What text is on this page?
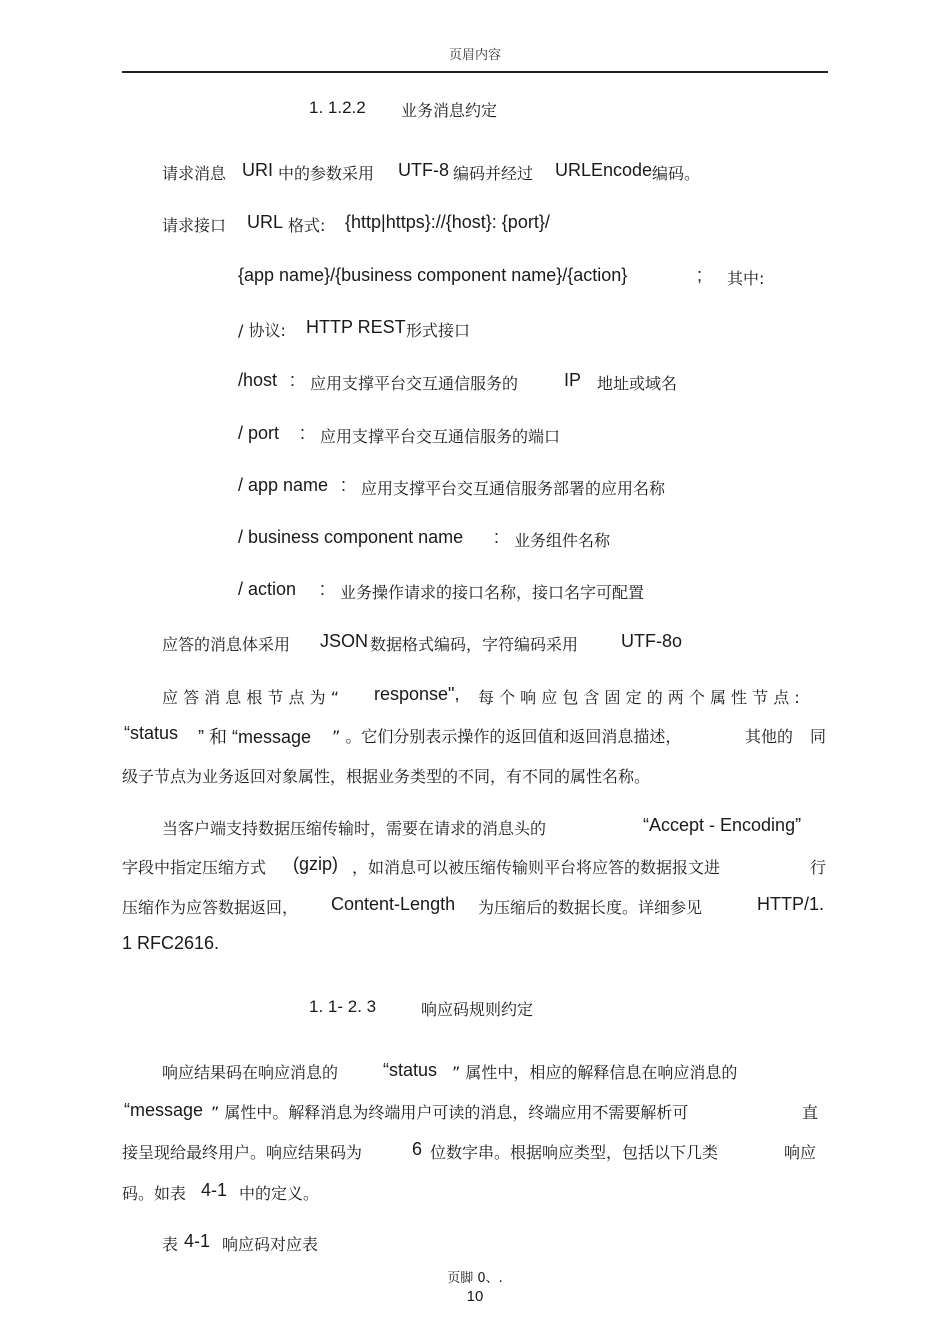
页眉内容
1. 1.2.2 业务消息约定
请求消息 URI 中的参数采用 UTF-8 编码并经过 URLEncode 编码。
请求接口 URL 格式: {http|https}://{host}: {port}/
{app name}/{business component name}/{action}	; 其中:
/ 协议: HTTP REST 形式接口
/host : 应用支撑平台交互通信服务的	IP 地址或域名
/ port : 应用支撑平台交互通信服务的端口
/ app name : 应用支撑平台交互通信服务部署的应用名称
/ business component name : 业务组件名称
/ action : 业务操作请求的接口名称，接口名字可配置
应答的消息体采用 JSON 数据格式编码，字符编码采用 UTF-8o
应 答 消 息 根 节 点 为 “ response", 每 个 响 应 包 含 固 定 的 两 个 属 性 节 点 :
“status ” 和 “message ” 。它们分别表示操作的返回值和返回消息描述，	其他的 同
级子节点为业务返回对象属性，根据业务类型的不同，有不同的属性名称。
当客户端支持数据压缩传输时，需要在请求的消息头的	“Accept - Encoding”
字段中指定压缩方式 (gzip) ，如消息可以被压缩传输则平台将应答的数据报文进	行
压缩作为应答数据返回， Content-Length 为压缩后的数据长度。详细参见	HTTP/1.
1 RFC2616.
1. 1- 2. 3	响应码规则约定
响应结果码在响应消息的 “status ” 属性中，相应的解释信息在响应消息的
“message ” 属性中。解释消息为终端用户可读的消息，终端应用不需要解析可	直
接呈现给最终用户。响应结果码为	6 位数字串。根据响应类型，包括以下几类	响应
码。如表 4-1 中的定义。
表 4-1 响应码对应表
页脚 0、.
10
